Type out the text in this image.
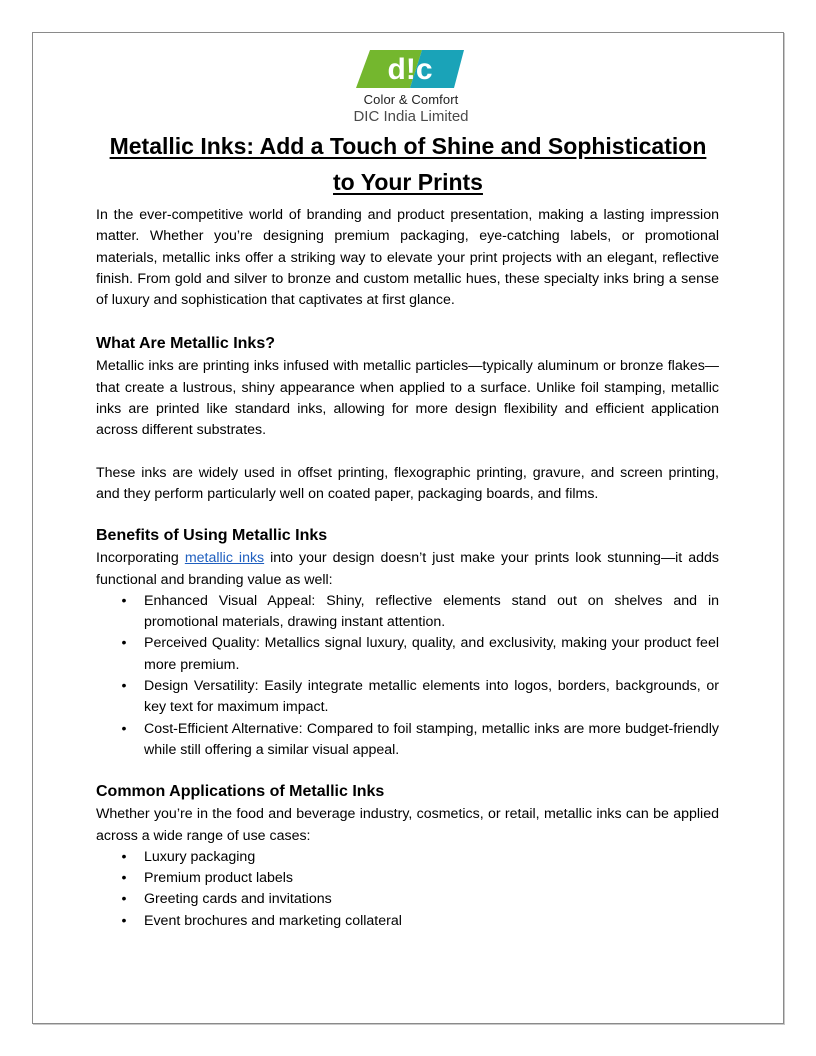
d!c
Color & Comfort
DIC India Limited
Metallic Inks: Add a Touch of Shine and Sophistication to Your Prints

In the ever-competitive world of branding and product presentation, making a lasting impression matter. Whether you’re designing premium packaging, eye-catching labels, or promotional materials, metallic inks offer a striking way to elevate your print projects with an elegant, reflective finish. From gold and silver to bronze and custom metallic hues, these specialty inks bring a sense of luxury and sophistication that captivates at first glance.

What Are Metallic Inks?

Metallic inks are printing inks infused with metallic particles—typically aluminum or bronze flakes—that create a lustrous, shiny appearance when applied to a surface. Unlike foil stamping, metallic inks are printed like standard inks, allowing for more design flexibility and efficient application across different substrates.

These inks are widely used in offset printing, flexographic printing, gravure, and screen printing, and they perform particularly well on coated paper, packaging boards, and films.

Benefits of Using Metallic Inks

Incorporating metallic inks into your design doesn’t just make your prints look stunning—it adds functional and branding value as well:

• Enhanced Visual Appeal: Shiny, reflective elements stand out on shelves and in promotional materials, drawing instant attention.
• Perceived Quality: Metallics signal luxury, quality, and exclusivity, making your product feel more premium.
• Design Versatility: Easily integrate metallic elements into logos, borders, backgrounds, or key text for maximum impact.
• Cost-Efficient Alternative: Compared to foil stamping, metallic inks are more budget-friendly while still offering a similar visual appeal.
Common Applications of Metallic Inks

Whether you’re in the food and beverage industry, cosmetics, or retail, metallic inks can be applied across a wide range of use cases:

• Luxury packaging
• Premium product labels
• Greeting cards and invitations
• Event brochures and marketing collateral
